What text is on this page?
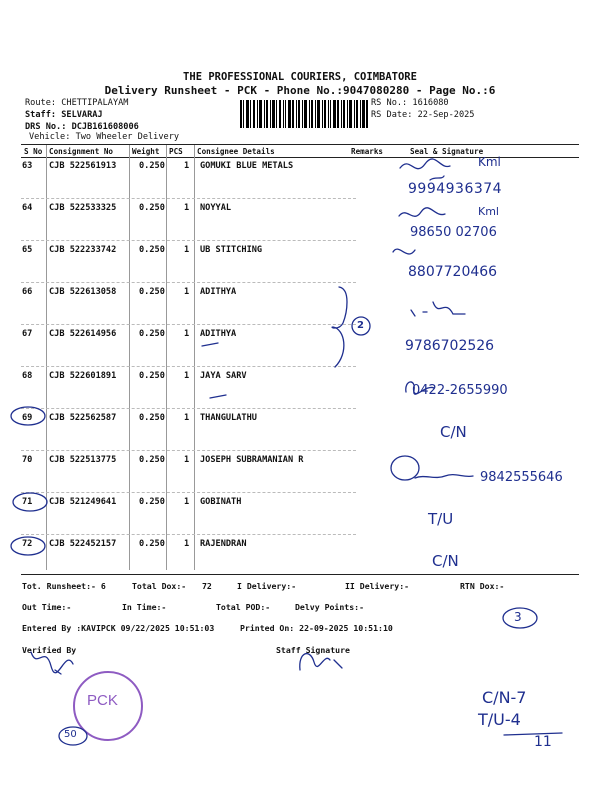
THE PROFESSIONAL COURIERS, COIMBATORE
Delivery Runsheet - PCK - Phone No.:9047080280 - Page No.:6
Route: CHETTIPALAYAM
Staff: SELVARAJ
DRS No.: DCJB161608006
Vehicle: Two Wheeler Delivery
RS No.: 1616080
RS Date: 22-Sep-2025
S No Consignment No Weight PCS Consignee Details	Remarks	Seal & Signature
63 CJB 522561913	0.250 1 GOMUKI BLUE METALS
64 CJB 522533325	0.250 1 NOYYAL
65 CJB 522233742	0.250 1 UB STITCHING
66 CJB 522613058	0.250 1 ADITHYA
67 CJB 522614956	0.250 1 ADITHYA
68 CJB 522601891	0.250 1 JAYA SARV
69 CJB 522562587	0.250 1 THANGULATHU
70 CJB 522513775	0.250 1 JOSEPH SUBRAMANIAN R
71 CJB 521249641	0.250 1 GOBINATH
72 CJB 522452157	0.250 1 RAJENDRAN
Kml
9994936374
Kml
98650 02706
8807720466
9786702526
0422-2655990
C/N
9842555646
T/U
C/N
2
Tot. Runsheet:- 6	Total Dox:- 72	I Delivery:-	II Delivery:-	RTN Dox:-
Out Time:-	In Time:-	Total POD:-	Delvy Points:-
Entered By :KAVIPCK 09/22/2025 10:51:03	Printed On: 22-09-2025 10:51:10
Verified By	Staff Signature
3
PCK
50
C/N-7
T/U-4
11
